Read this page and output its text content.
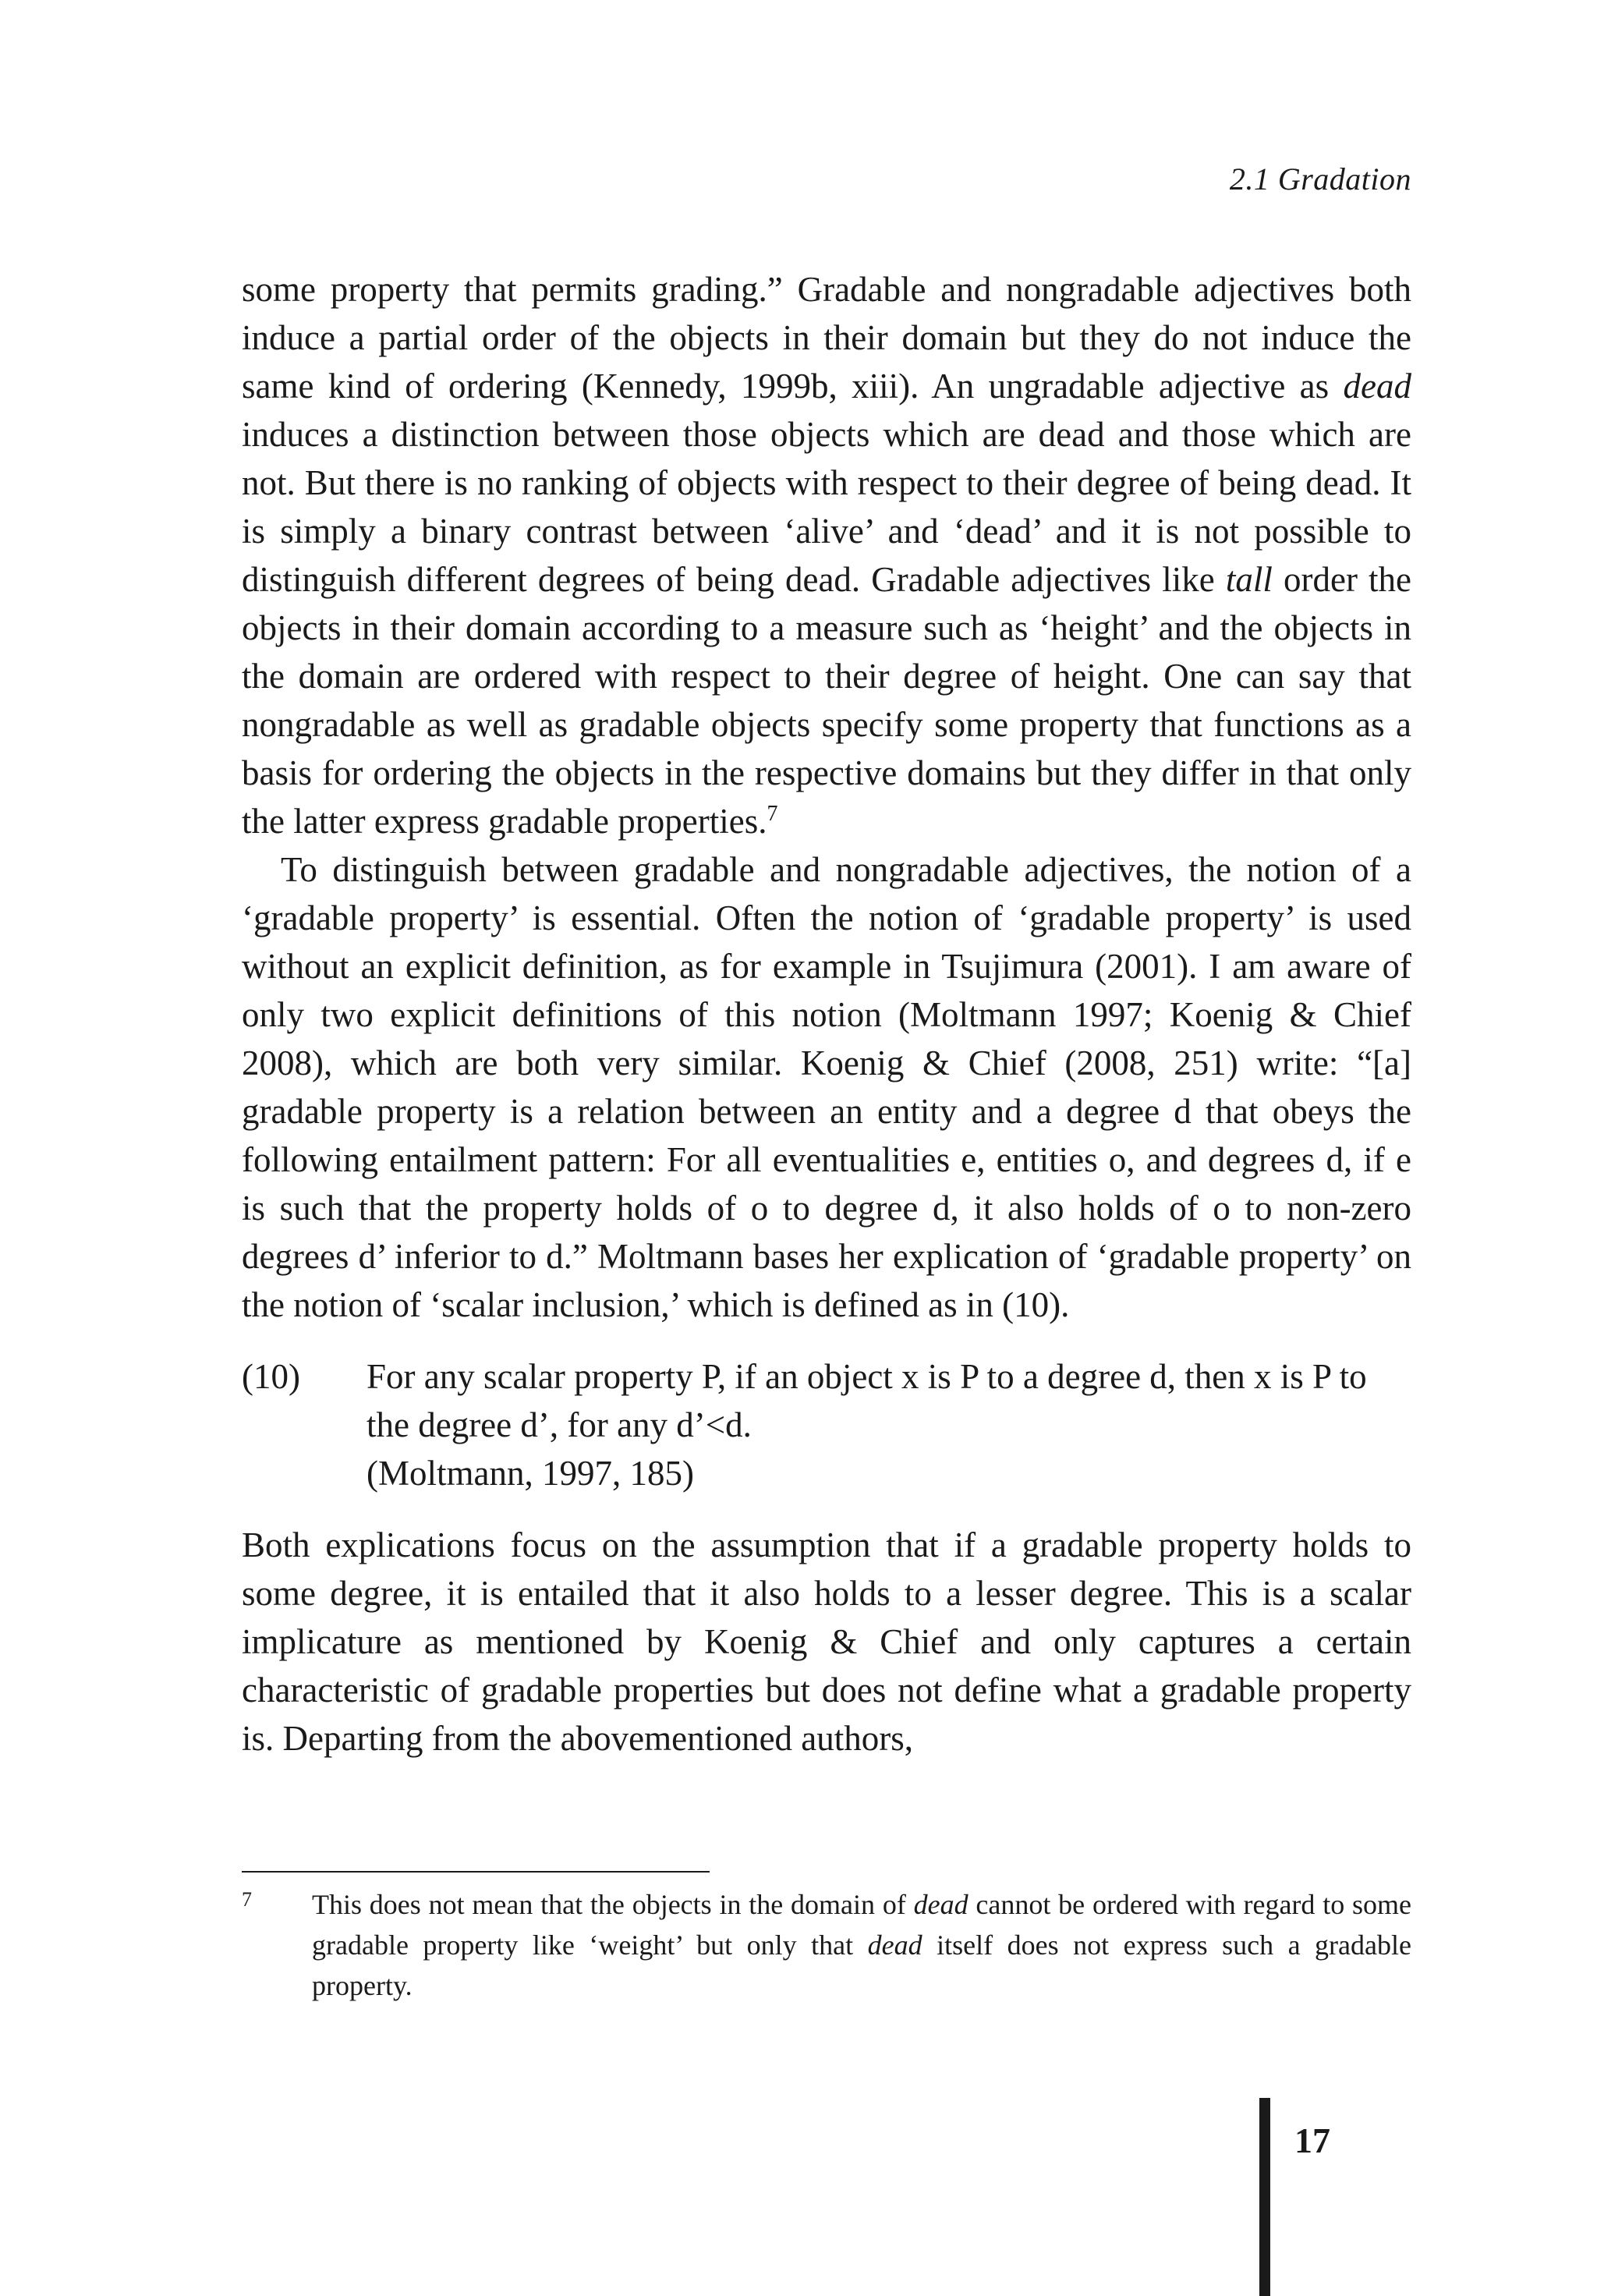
2.1 Gradation

some property that permits grading.” Gradable and nongradable adjectives both induce a partial order of the objects in their domain but they do not induce the same kind of ordering (Kennedy, 1999b, xiii). An ungradable adjective as dead induces a distinction between those objects which are dead and those which are not. But there is no ranking of objects with respect to their degree of being dead. It is simply a binary contrast between ‘alive’ and ‘dead’ and it is not possible to distinguish different degrees of being dead. Gradable adjectives like tall order the objects in their domain according to a measure such as ‘height’ and the objects in the domain are ordered with respect to their degree of height. One can say that nongradable as well as gradable objects specify some property that functions as a basis for ordering the objects in the respective domains but they differ in that only the latter express gradable properties.$^7$

To distinguish between gradable and nongradable adjectives, the notion of a ‘gradable property’ is essential. Often the notion of ‘gradable property’ is used without an explicit definition, as for example in Tsujimura (2001). I am aware of only two explicit definitions of this notion (Moltmann 1997; Koenig & Chief 2008), which are both very similar. Koenig & Chief (2008, 251) write: “[a] gradable property is a relation between an entity and a degree d that obeys the following entailment pattern: For all eventualities e, entities o, and degrees d, if e is such that the property holds of o to degree d, it also holds of o to non-zero degrees d’ inferior to d.” Moltmann bases her explication of ‘gradable property’ on the notion of ‘scalar inclusion,’ which is defined as in (10).

(10)	For any scalar property P, if an object x is P to a degree d, then x is P to the degree d’, for any d’<d.
(Moltmann, 1997, 185)

Both explications focus on the assumption that if a gradable property holds to some degree, it is entailed that it also holds to a lesser degree. This is a scalar implicature as mentioned by Koenig & Chief and only captures a certain characteristic of gradable properties but does not define what a gradable property is. Departing from the abovementioned authors,

7	This does not mean that the objects in the domain of dead cannot be ordered with regard to some gradable property like ‘weight’ but only that dead itself does not express such a gradable property.
17
